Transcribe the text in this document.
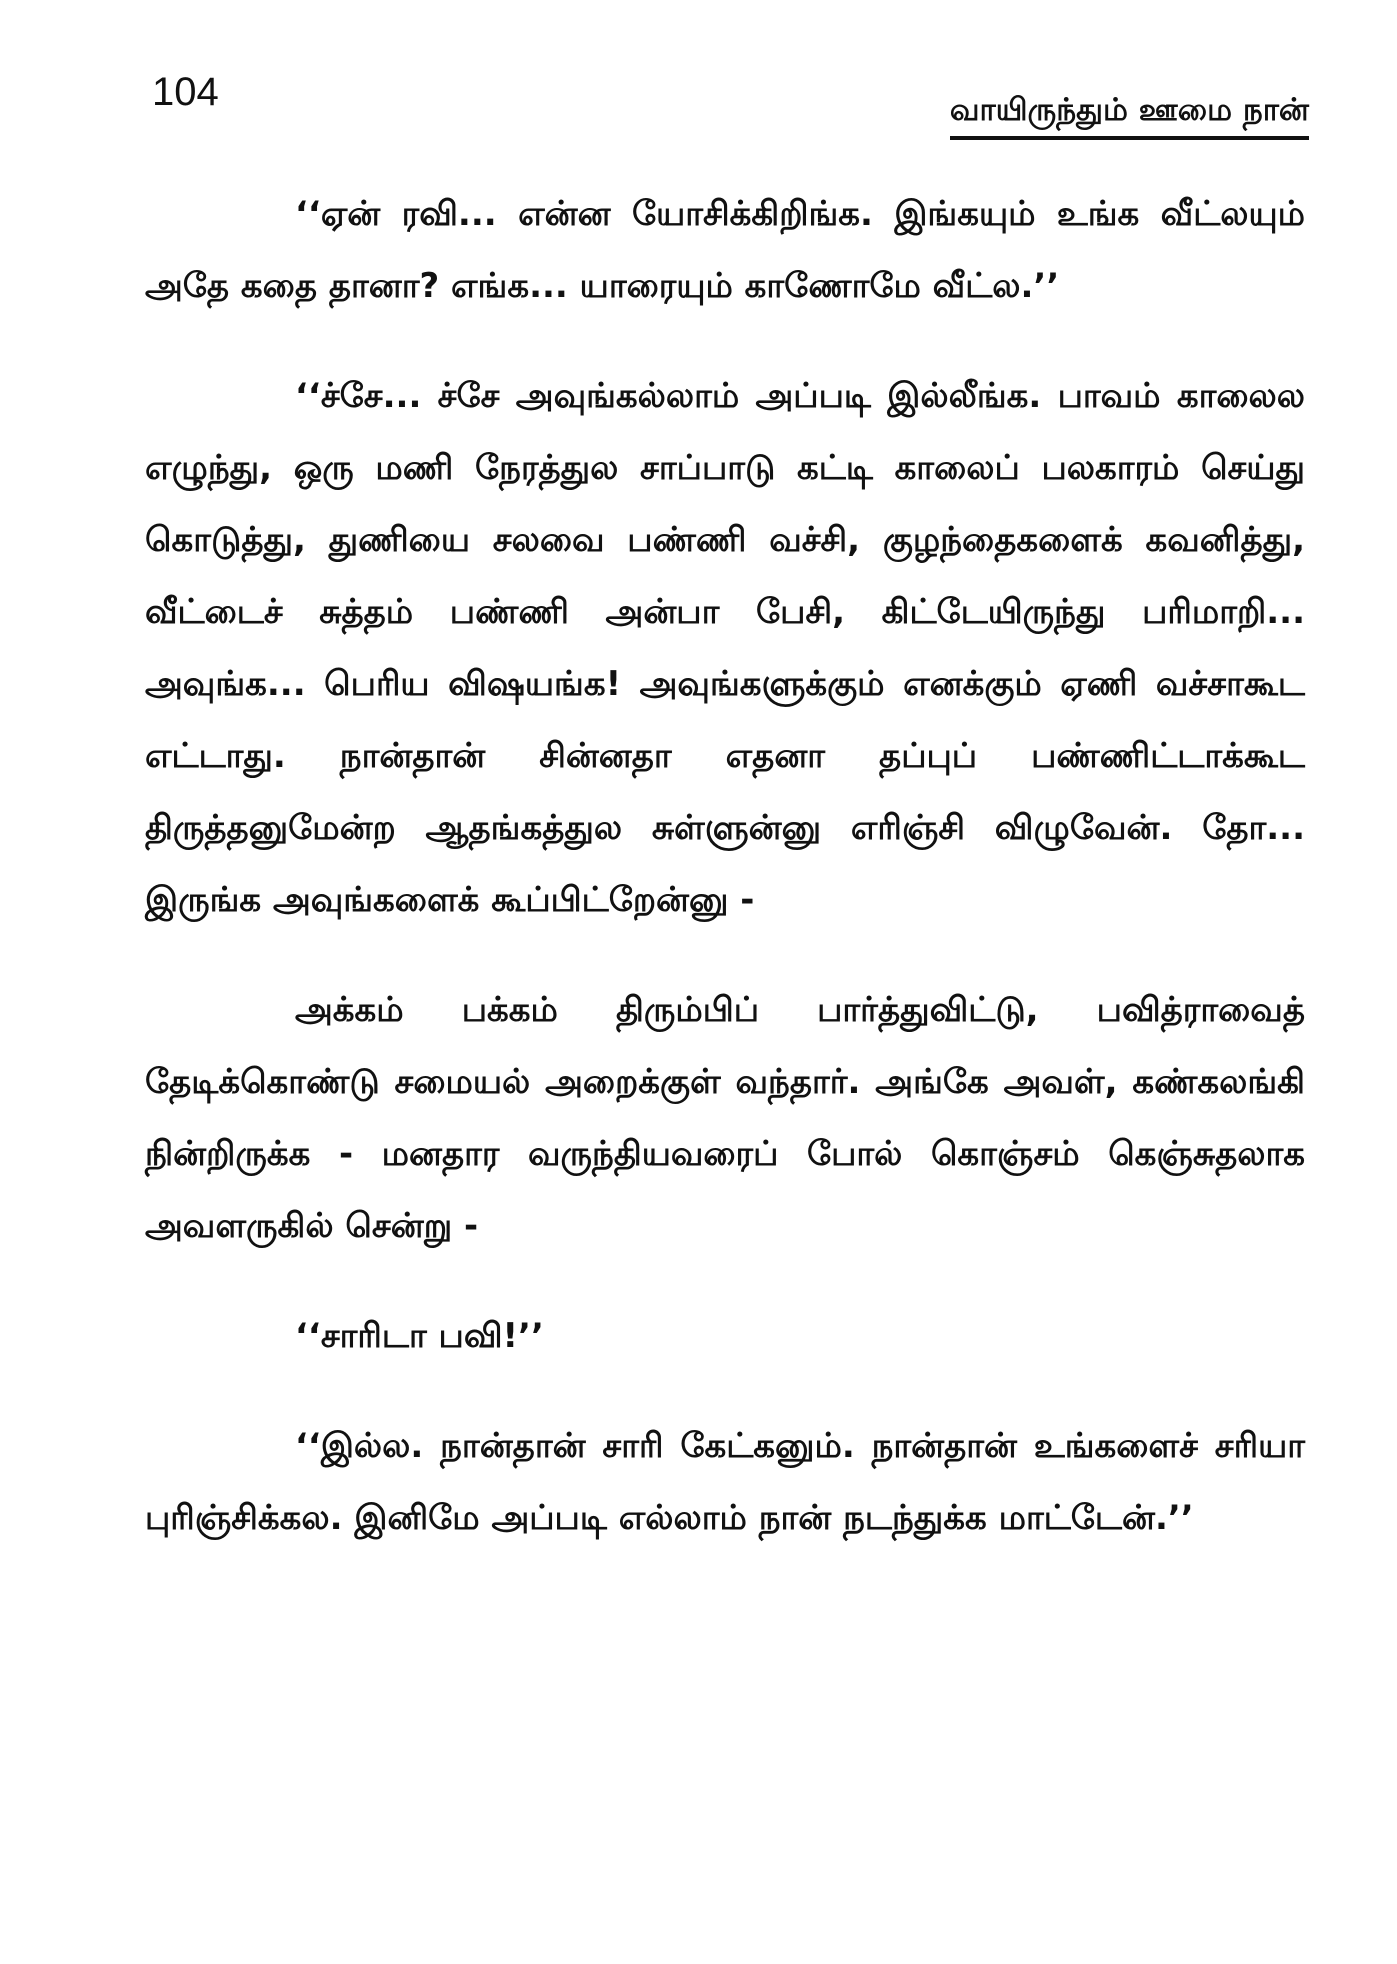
104	வாயிருந்தும் ஊமை நான்

‘‘ஏன் ரவி... என்ன யோசிக்கிறிங்க. இங்கயும் உங்க வீட்லயும் அதே கதை தானா? எங்க... யாரையும் காணோமே வீட்ல.’’

‘‘ச்சே... ச்சே அவுங்கல்லாம் அப்படி இல்லீங்க. பாவம் காலைல எழுந்து, ஒரு மணி நேரத்துல சாப்பாடு கட்டி காலைப் பலகாரம் செய்து கொடுத்து, துணியை சலவை பண்ணி வச்சி, குழந்தைகளைக் கவனித்து, வீட்டைச் சுத்தம் பண்ணி அன்பா பேசி, கிட்டேயிருந்து பரிமாறி... அவுங்க... பெரிய விஷயங்க! அவுங்களுக்கும் எனக்கும் ஏணி வச்சாகூட எட்டாது. நான்தான் சின்னதா எதனா தப்புப் பண்ணிட்டாக்கூட திருத்தனுமேன்ற ஆதங்கத்துல சுள்ளுன்னு எரிஞ்சி விழுவேன். தோ... இருங்க அவுங்களைக் கூப்பிட்றேன்னு -

அக்கம் பக்கம் திரும்பிப் பார்த்துவிட்டு, பவித்ராவைத் தேடிக்கொண்டு சமையல் அறைக்குள் வந்தார். அங்கே அவள், கண்கலங்கி நின்றிருக்க - மனதார வருந்தியவரைப் போல் கொஞ்சம் கெஞ்சுதலாக அவளருகில் சென்று -

‘‘சாரிடா பவி!’’

‘‘இல்ல. நான்தான் சாரி கேட்கனும். நான்தான் உங்களைச் சரியா புரிஞ்சிக்கல. இனிமே அப்படி எல்லாம் நான் நடந்துக்க மாட்டேன்.’’
